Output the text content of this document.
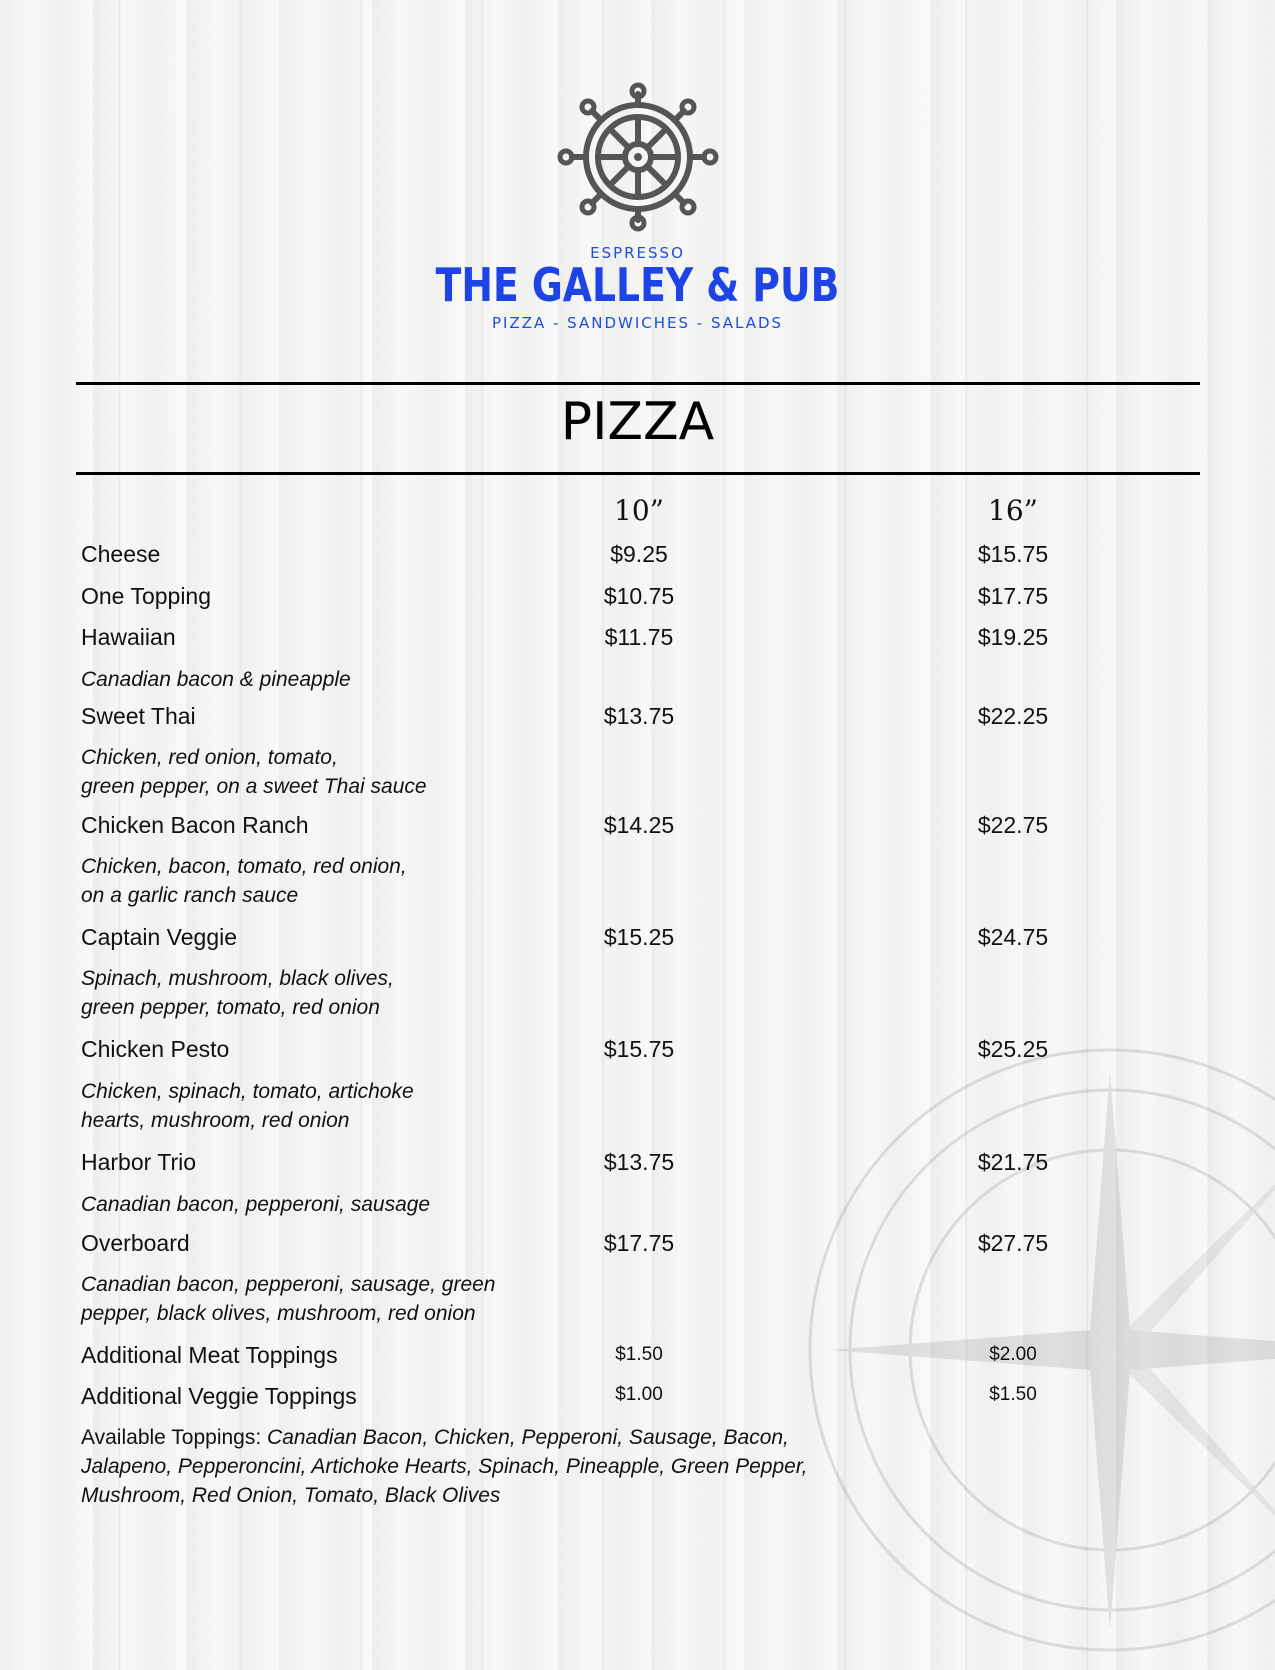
ESPRESSO
THE GALLEY & PUB
PIZZA - SANDWICHES - SALADS
PIZZA
10”	16”
Cheese	$9.25	$15.75
One Topping	$10.75	$17.75
Hawaiian	$11.75	$19.25
Canadian bacon & pineapple
Sweet Thai	$13.75	$22.25
Chicken, red onion, tomato,
green pepper, on a sweet Thai sauce
Chicken Bacon Ranch	$14.25	$22.75
Chicken, bacon, tomato, red onion,
on a garlic ranch sauce
Captain Veggie	$15.25	$24.75
Spinach, mushroom, black olives,
green pepper, tomato, red onion
Chicken Pesto	$15.75	$25.25
Chicken, spinach, tomato, artichoke
hearts, mushroom, red onion
Harbor Trio	$13.75	$21.75
Canadian bacon, pepperoni, sausage
Overboard	$17.75	$27.75
Canadian bacon, pepperoni, sausage, green
pepper, black olives, mushroom, red onion
Additional Meat Toppings	$1.50	$2.00
Additional Veggie Toppings	$1.00	$1.50
Available Toppings: Canadian Bacon, Chicken, Pepperoni, Sausage, Bacon, Jalapeno, Pepperoncini, Artichoke Hearts, Spinach, Pineapple, Green Pepper, Mushroom, Red Onion, Tomato, Black Olives
